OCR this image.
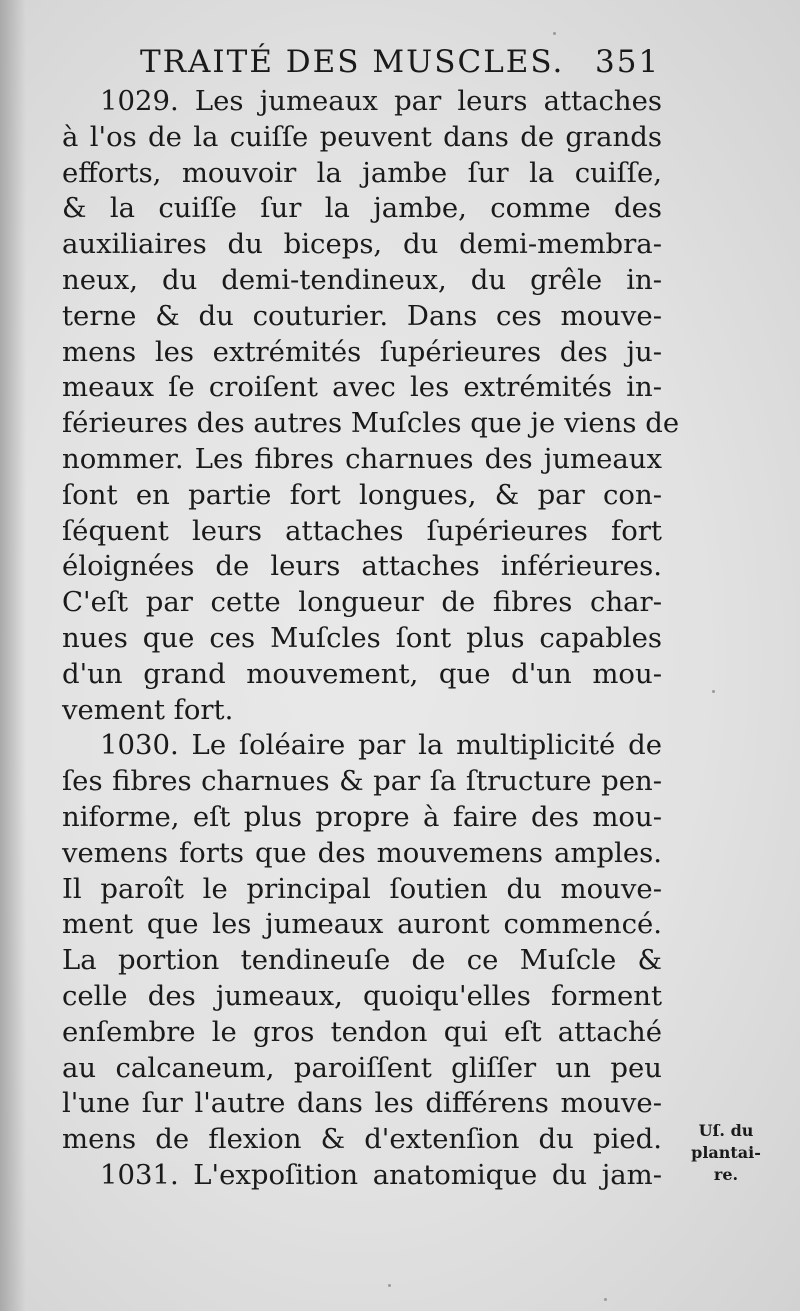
TRAITÉ DES MUSCLES. 351
1029. Les jumeaux par leurs attaches
à l'os de la cuiſſe peuvent dans de grands
efforts, mouvoir la jambe ſur la cuiſſe,
& la cuiſſe ſur la jambe, comme des
auxiliaires du biceps, du demi-membra-
neux, du demi-tendineux, du grêle in-
terne & du couturier. Dans ces mouve-
mens les extrémités ſupérieures des ju-
meaux ſe croiſent avec les extrémités in-
férieures des autres Muſcles que je viens de
nommer. Les fibres charnues des jumeaux
ſont en partie fort longues, & par con-
ſéquent leurs attaches ſupérieures fort
éloignées de leurs attaches inférieures.
C'eſt par cette longueur de fibres char-
nues que ces Muſcles ſont plus capables
d'un grand mouvement, que d'un mou-
vement fort.
1030. Le ſoléaire par la multiplicité de
ſes fibres charnues & par ſa ſtructure pen-
niforme, eſt plus propre à faire des mou-
vemens forts que des mouvemens amples.
Il paroît le principal ſoutien du mouve-
ment que les jumeaux auront commencé.
La portion tendineuſe de ce Muſcle &
celle des jumeaux, quoiqu'elles forment
enſembre le gros tendon qui eſt attaché
au calcaneum, paroiſſent gliſſer un peu
l'une ſur l'autre dans les différens mouve-
mens de flexion & d'extenſion du pied.
1031. L'expoſition anatomique du jam-
Uſ. du
plantai-
re.
